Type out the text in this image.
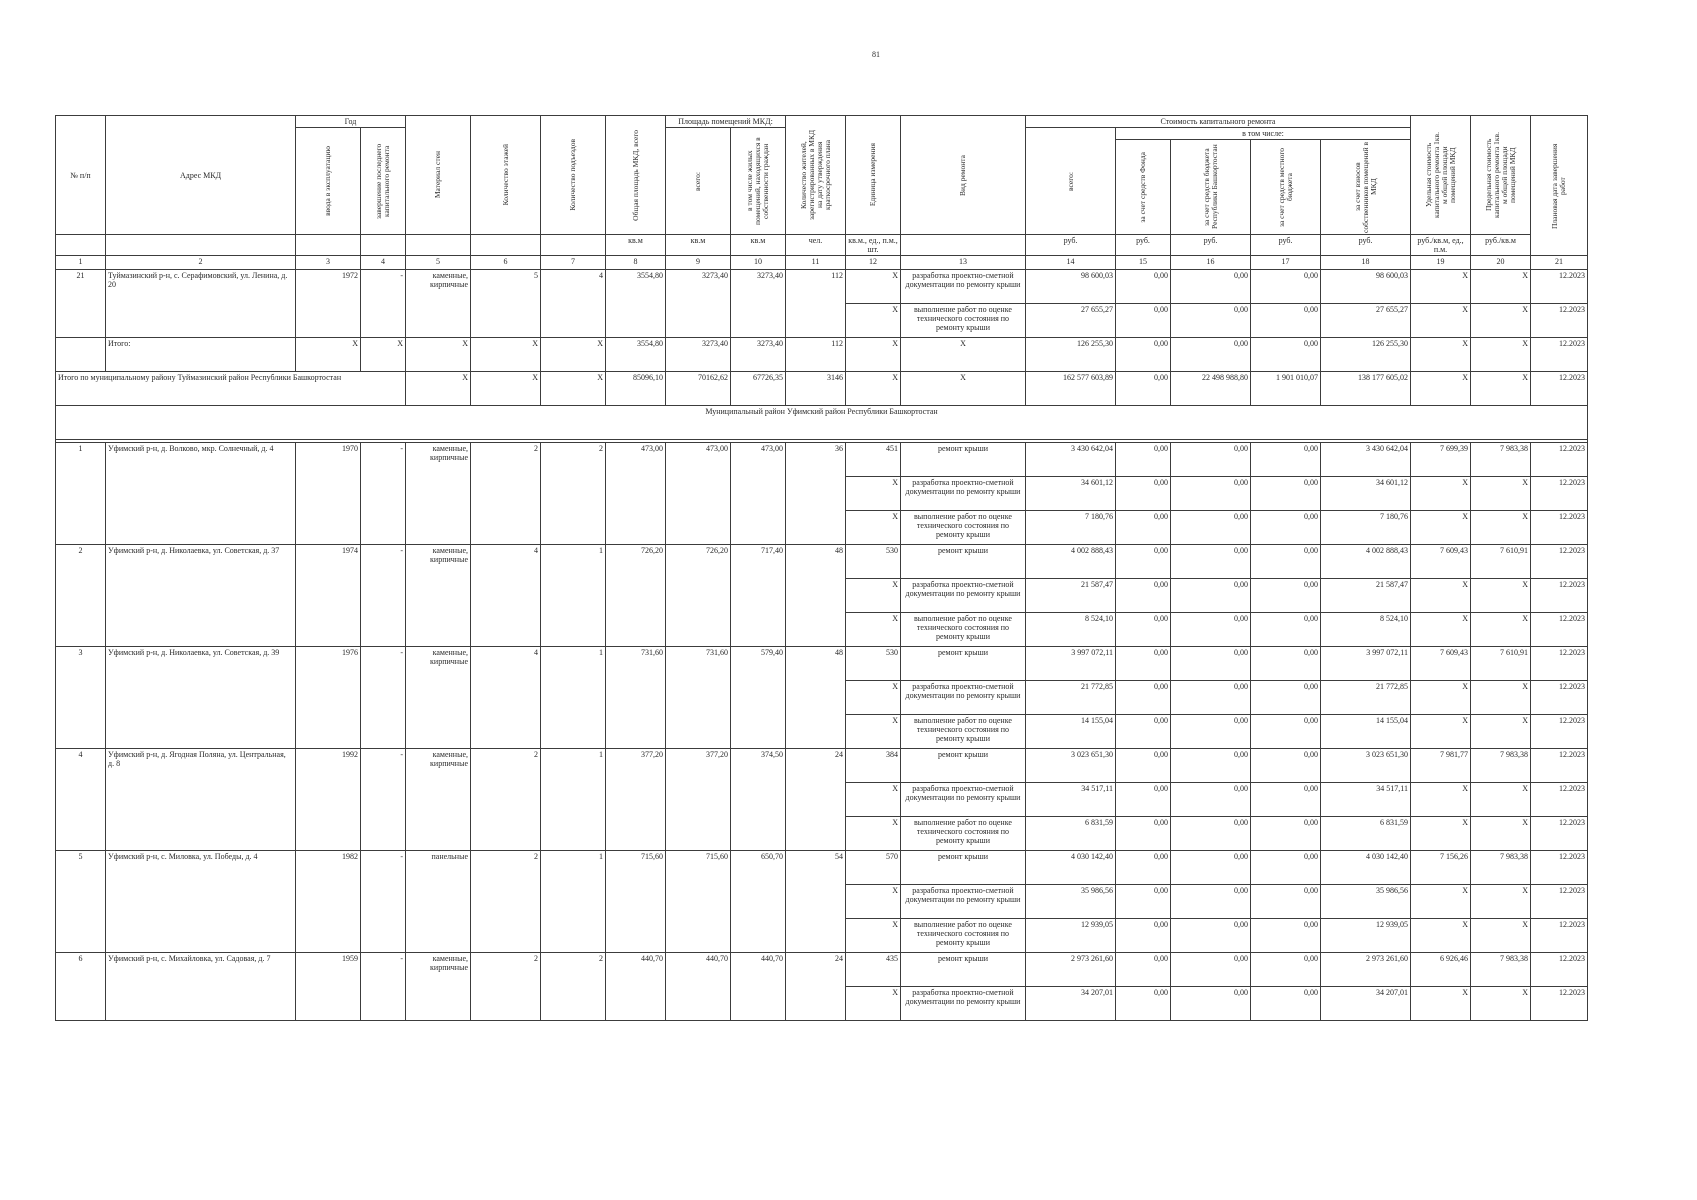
81
№ п/п	Адрес МКД	Год		Материал стен	Количество этажей	Количество подъездов	Общая площадь МКД, всего	Площадь помещений МКД:		Количество жителей, зарегистрированных в МКД на дату утверждения краткосрочного плана	Единица измерения	Вид ремонта	Стоимость капитального ремонта					Удельная стоимость капитального ремонта 1кв. м общей площади помещений МКД	Предельная стоимость капитального ремонта 1кв. м общей площади помещений МКД	Плановая дата завершения работ

		ввода в эксплуатацию	завершение последнего капитального ремонта					всего:	в том числе жилых помещений, находящихся в собственности граждан				всего:	в том числе:						

														за счет средств Фонда	за счет средств бюджета Республики Башкортостан	за счет средств местного бюджета	за счет взносов собственников помещений в МКД			

							кв.м	кв.м	кв.м	чел.	кв.м., ед., п.м., шт.		руб.	руб.	руб.	руб.	руб.	руб./кв.м, ед., п.м.	руб./кв.м	
1	2	3	4	5	6	7	8	9	10	11	12	13	14	15	16	17	18	19	20	21
21	Туймазинский р-н, с. Серафимовский, ул. Ленина, д. 20	1972	-	каменные, кирпичные	5	4	3554,80	3273,40	3273,40	112	X	разработка проектно-сметной документации по ремонту крыши	98 600,03	0,00	0,00	0,00	98 600,03	X	X	12.2023
											X	выполнение работ по оценке технического состояния по ремонту крыши	27 655,27	0,00	0,00	0,00	27 655,27	X	X	12.2023
	Итого:	X	X	X	X	X	3554,80	3273,40	3273,40	112	X	X	126 255,30	0,00	0,00	0,00	126 255,30	X	X	12.2023
Итого по муниципальному району Туймазинский район Республики Башкортостан				X	X	X	85096,10	70162,62	67726,35	3146	X	X	162 577 603,89	0,00	22 498 988,80	1 901 010,07	138 177 605,02	X	X	12.2023
Муниципальный район Уфимский район Республики Башкортостан																				

1	Уфимский р-н, д. Волково, мкр. Солнечный, д. 4	1970	-	каменные, кирпичные	2	2	473,00	473,00	473,00	36	451	ремонт крыши	3 430 642,04	0,00	0,00	0,00	3 430 642,04	7 699,39	7 983,38	12.2023
											X	разработка проектно-сметной документации по ремонту крыши	34 601,12	0,00	0,00	0,00	34 601,12	X	X	12.2023
											X	выполнение работ по оценке технического состояния по ремонту крыши	7 180,76	0,00	0,00	0,00	7 180,76	X	X	12.2023
2	Уфимский р-н, д. Николаевка, ул. Советская, д. 37	1974	-	каменные, кирпичные	4	1	726,20	726,20	717,40	48	530	ремонт крыши	4 002 888,43	0,00	0,00	0,00	4 002 888,43	7 609,43	7 610,91	12.2023
											X	разработка проектно-сметной документации по ремонту крыши	21 587,47	0,00	0,00	0,00	21 587,47	X	X	12.2023
											X	выполнение работ по оценке технического состояния по ремонту крыши	8 524,10	0,00	0,00	0,00	8 524,10	X	X	12.2023
3	Уфимский р-н, д. Николаевка, ул. Советская, д. 39	1976	-	каменные, кирпичные	4	1	731,60	731,60	579,40	48	530	ремонт крыши	3 997 072,11	0,00	0,00	0,00	3 997 072,11	7 609,43	7 610,91	12.2023
											X	разработка проектно-сметной документации по ремонту крыши	21 772,85	0,00	0,00	0,00	21 772,85	X	X	12.2023
											X	выполнение работ по оценке технического состояния по ремонту крыши	14 155,04	0,00	0,00	0,00	14 155,04	X	X	12.2023
4	Уфимский р-н, д. Ягодная Поляна, ул. Центральная, д. 8	1992	-	каменные, кирпичные	2	1	377,20	377,20	374,50	24	384	ремонт крыши	3 023 651,30	0,00	0,00	0,00	3 023 651,30	7 981,77	7 983,38	12.2023
											X	разработка проектно-сметной документации по ремонту крыши	34 517,11	0,00	0,00	0,00	34 517,11	X	X	12.2023
											X	выполнение работ по оценке технического состояния по ремонту крыши	6 831,59	0,00	0,00	0,00	6 831,59	X	X	12.2023
5	Уфимский р-н, с. Миловка, ул. Победы, д. 4	1982	-	панельные	2	1	715,60	715,60	650,70	54	570	ремонт крыши	4 030 142,40	0,00	0,00	0,00	4 030 142,40	7 156,26	7 983,38	12.2023
											X	разработка проектно-сметной документации по ремонту крыши	35 986,56	0,00	0,00	0,00	35 986,56	X	X	12.2023
											X	выполнение работ по оценке технического состояния по ремонту крыши	12 939,05	0,00	0,00	0,00	12 939,05	X	X	12.2023
6	Уфимский р-н, с. Михайловка, ул. Садовая, д. 7	1959	-	каменные, кирпичные	2	2	440,70	440,70	440,70	24	435	ремонт крыши	2 973 261,60	0,00	0,00	0,00	2 973 261,60	6 926,46	7 983,38	12.2023
											X	разработка проектно-сметной документации по ремонту крыши	34 207,01	0,00	0,00	0,00	34 207,01	X	X	12.2023
